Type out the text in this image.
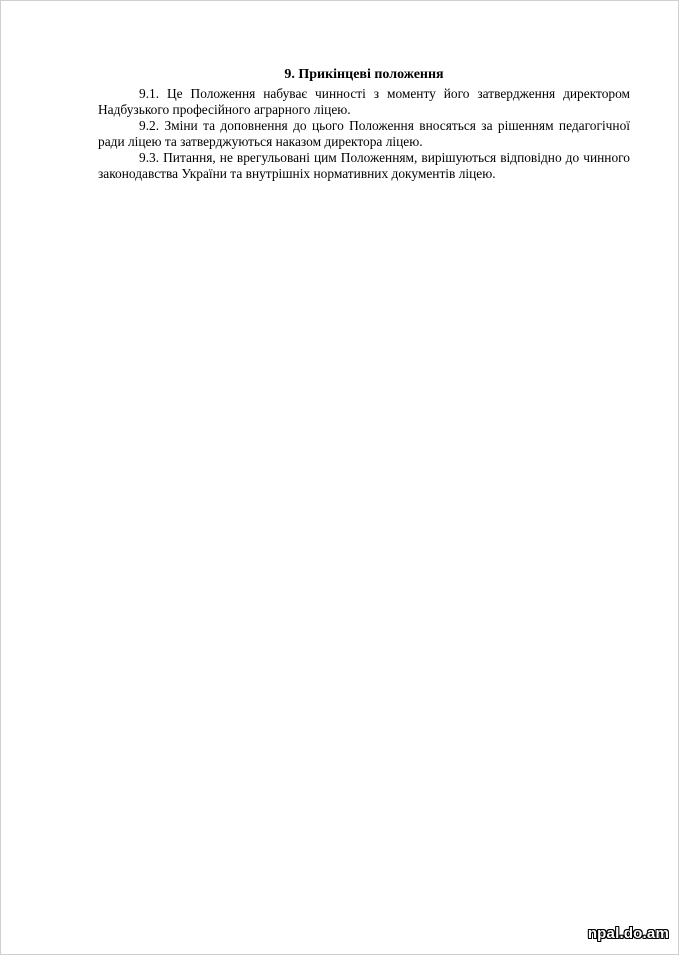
9. Прикінцеві положення

9.1. Це Положення набуває чинності з моменту його затвердження директором Надбузького професійного аграрного ліцею.

9.2. Зміни та доповнення до цього Положення вносяться за рішенням педагогічної ради ліцею та затверджуються наказом директора ліцею.

9.3. Питання, не врегульовані цим Положенням, вирішуються відповідно до чинного законодавства України та внутрішніх нормативних документів ліцею.

npal.do.am
